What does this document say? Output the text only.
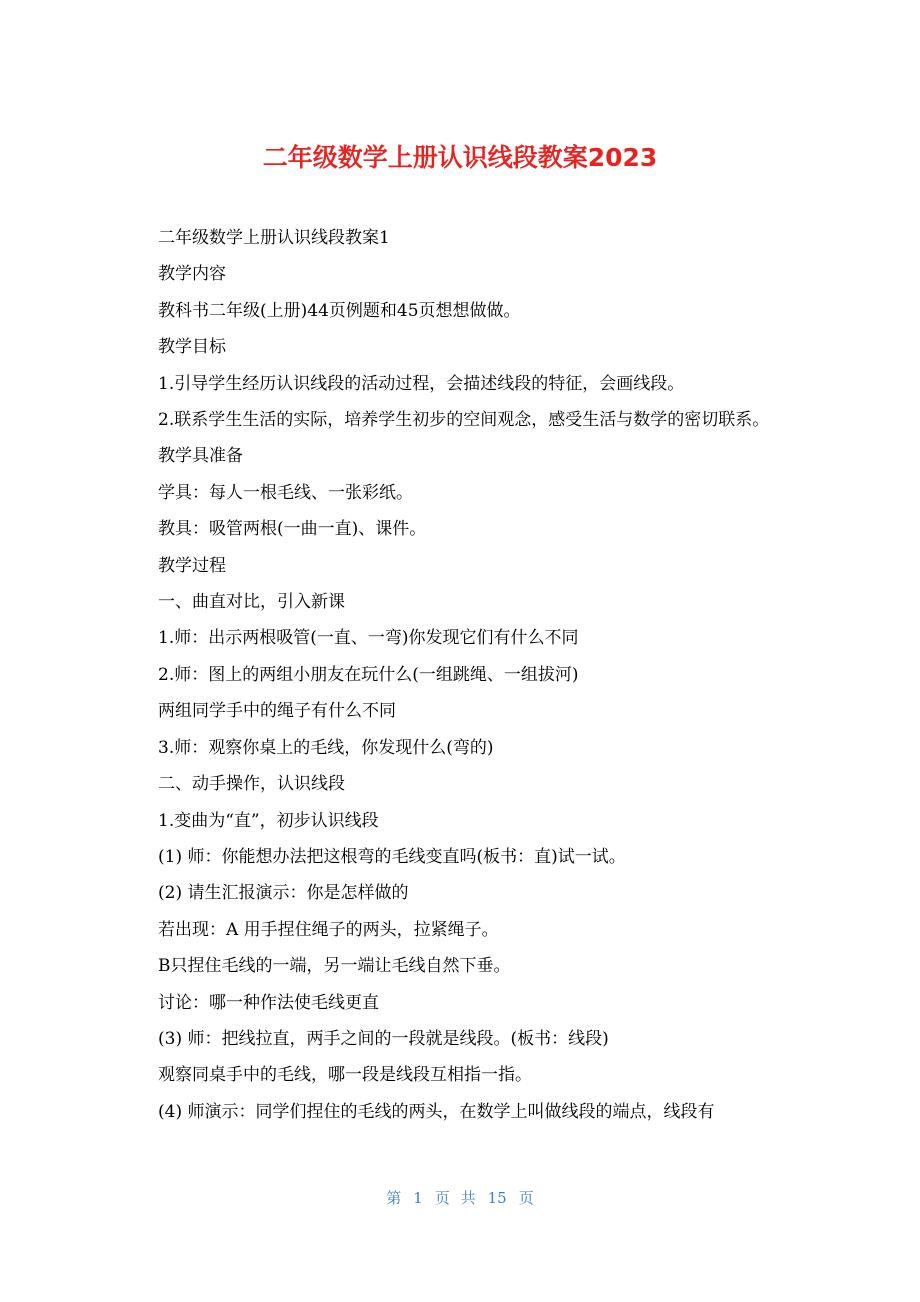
二年级数学上册认识线段教案2023

二年级数学上册认识线段教案1

教学内容

教科书二年级(上册)44页例题和45页想想做做。

教学目标

1.引导学生经历认识线段的活动过程，会描述线段的特征，会画线段。

2.联系学生生活的实际，培养学生初步的空间观念，感受生活与数学的密切联系。

教学具准备

学具：每人一根毛线、一张彩纸。

教具：吸管两根(一曲一直)、课件。

教学过程

一、曲直对比，引入新课

1.师：出示两根吸管(一直、一弯)你发现它们有什么不同

2.师：图上的两组小朋友在玩什么(一组跳绳、一组拔河)

两组同学手中的绳子有什么不同

3.师：观察你桌上的毛线，你发现什么(弯的)

二、动手操作，认识线段

1.变曲为“直”，初步认识线段

(1) 师：你能想办法把这根弯的毛线变直吗(板书：直)试一试。

(2) 请生汇报演示：你是怎样做的

若出现：A 用手捏住绳子的两头，拉紧绳子。

B只捏住毛线的一端，另一端让毛线自然下垂。

讨论：哪一种作法使毛线更直

(3) 师：把线拉直，两手之间的一段就是线段。(板书：线段)

观察同桌手中的毛线，哪一段是线段互相指一指。

(4) 师演示：同学们捏住的毛线的两头，在数学上叫做线段的端点，线段有

第 1 页 共 15 页
